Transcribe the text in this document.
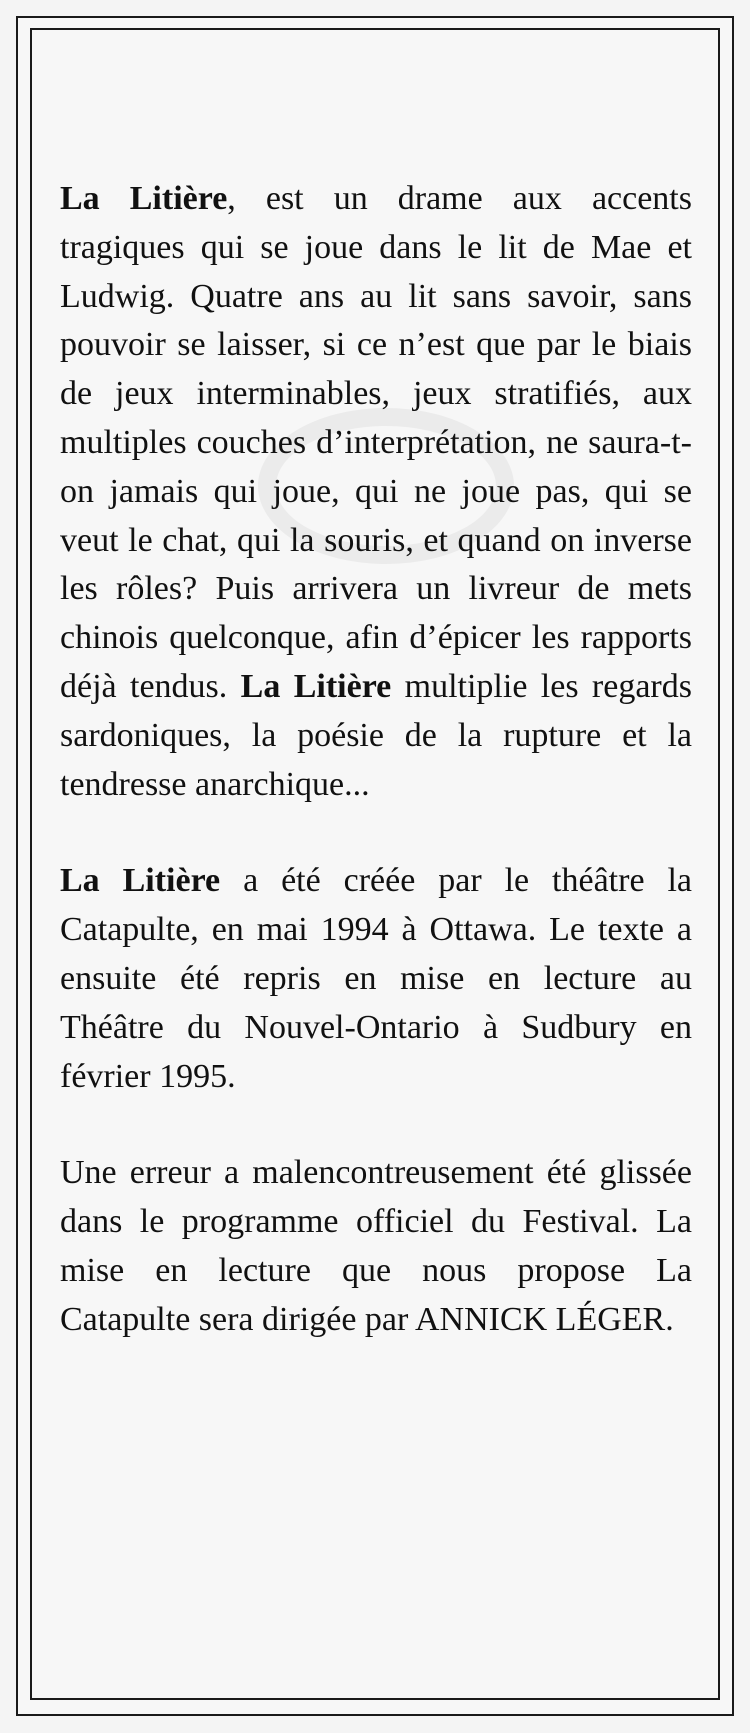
La Litière, est un drame aux accents tragiques qui se joue dans le lit de Mae et Ludwig. Quatre ans au lit sans savoir, sans pouvoir se laisser, si ce n’est que par le biais de jeux interminables, jeux stratifiés, aux multiples couches d’interprétation, ne saura-t-on jamais qui joue, qui ne joue pas, qui se veut le chat, qui la souris, et quand on inverse les rôles? Puis arrivera un livreur de mets chinois quelconque, afin d’épicer les rapports déjà tendus. La Litière multiplie les regards sardoniques, la poésie de la rupture et la tendresse anarchique...

La Litière a été créée par le théâtre la Catapulte, en mai 1994 à Ottawa. Le texte a ensuite été repris en mise en lecture au Théâtre du Nouvel-Ontario à Sudbury en février 1995.

Une erreur a malencontreusement été glissée dans le programme officiel du Festival. La mise en lecture que nous propose La Catapulte sera dirigée par ANNICK LÉGER.
